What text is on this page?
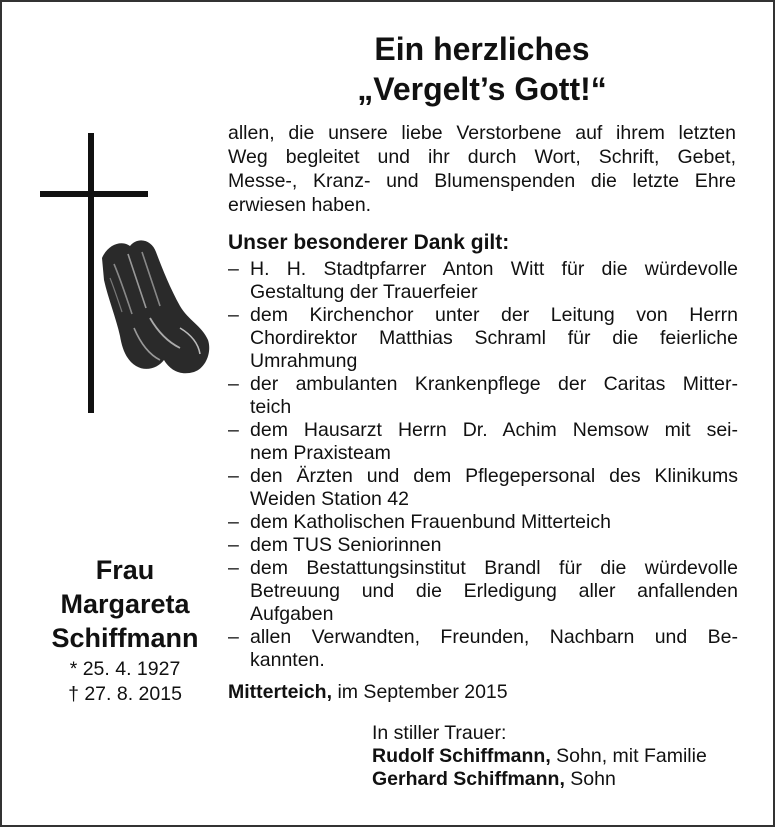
Ein herzliches
„Vergelt’s Gott!“
allen, die unsere liebe Verstorbene auf ihrem letzten
Weg begleitet und ihr durch Wort, Schrift, Gebet,
Messe-, Kranz- und Blumenspenden die letzte Ehre
erwiesen haben.
Unser besonderer Dank gilt:
– H. H. Stadtpfarrer Anton Witt für die würdevolle
Gestaltung der Trauerfeier
– dem Kirchenchor unter der Leitung von Herrn
Chordirektor Matthias Schraml für die feierliche
Umrahmung
– der ambulanten Krankenpflege der Caritas Mitter-
teich
– dem Hausarzt Herrn Dr. Achim Nemsow mit sei-
nem Praxisteam
– den Ärzten und dem Pflegepersonal des Klinikums
Weiden Station 42
– dem Katholischen Frauenbund Mitterteich
– dem TUS Seniorinnen
– dem Bestattungsinstitut Brandl für die würdevolle
Betreuung und die Erledigung aller anfallenden
Aufgaben
– allen Verwandten, Freunden, Nachbarn und Be-
kannten.
Frau
Margareta
Schiffmann
* 25. 4. 1927
† 27. 8. 2015	Mitterteich, im September 2015
In stiller Trauer:
Rudolf Schiffmann, Sohn, mit Familie
Gerhard Schiffmann, Sohn
